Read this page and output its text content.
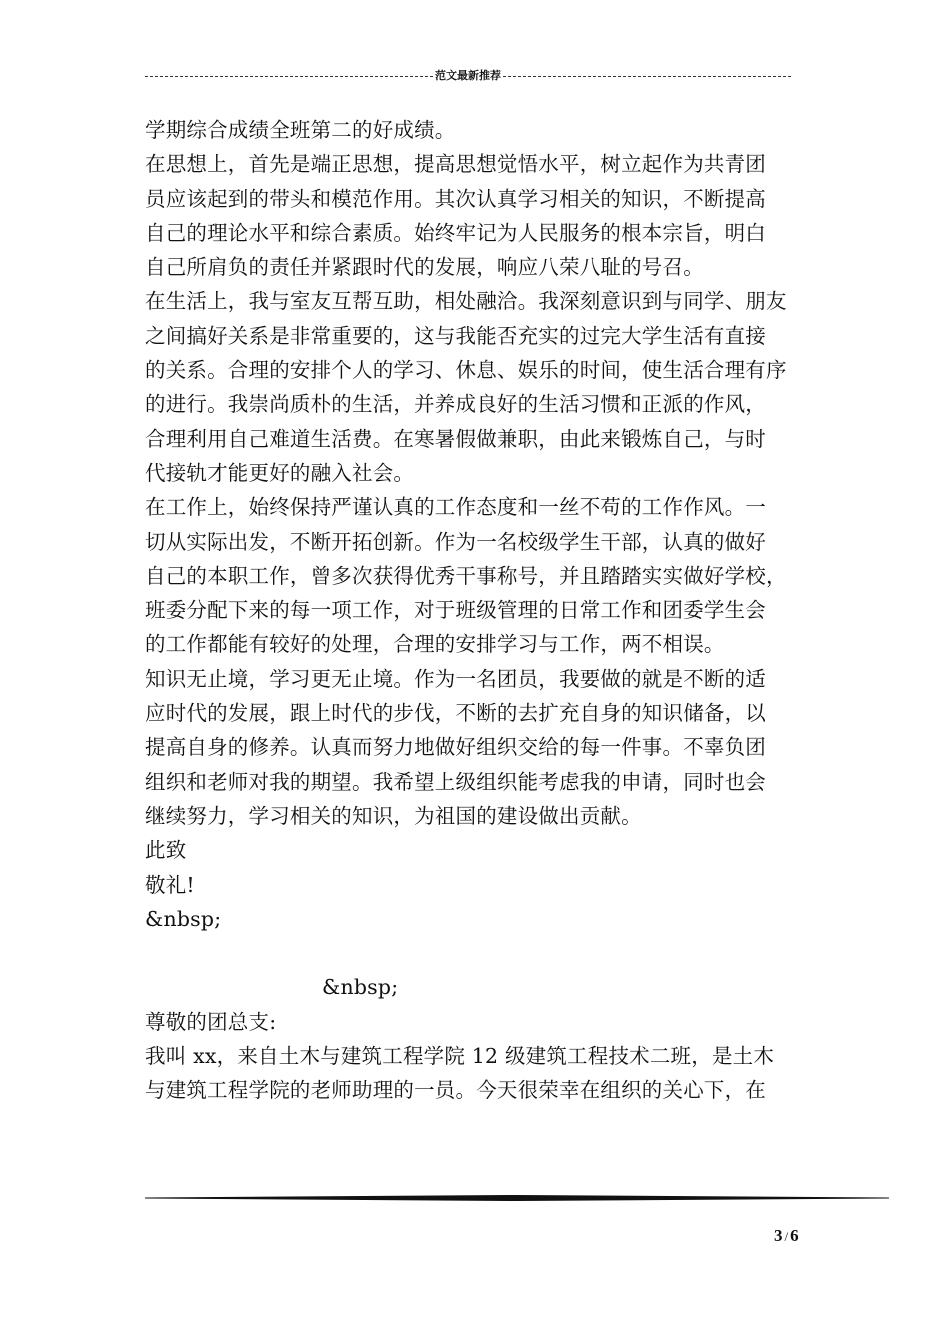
范文最新推荐
学期综合成绩全班第二的好成绩。
在思想上，首先是端正思想，提高思想觉悟水平，树立起作为共青团
员应该起到的带头和模范作用。其次认真学习相关的知识，不断提高
自己的理论水平和综合素质。始终牢记为人民服务的根本宗旨，明白
自己所肩负的责任并紧跟时代的发展，响应八荣八耻的号召。
在生活上，我与室友互帮互助，相处融洽。我深刻意识到与同学、朋友
之间搞好关系是非常重要的，这与我能否充实的过完大学生活有直接
的关系。合理的安排个人的学习、休息、娱乐的时间，使生活合理有序
的进行。我崇尚质朴的生活，并养成良好的生活习惯和正派的作风，
合理利用自己难道生活费。在寒暑假做兼职，由此来锻炼自己，与时
代接轨才能更好的融入社会。
在工作上，始终保持严谨认真的工作态度和一丝不苟的工作作风。一
切从实际出发，不断开拓创新。作为一名校级学生干部，认真的做好
自己的本职工作，曾多次获得优秀干事称号，并且踏踏实实做好学校，
班委分配下来的每一项工作，对于班级管理的日常工作和团委学生会
的工作都能有较好的处理，合理的安排学习与工作，两不相误。
知识无止境，学习更无止境。作为一名团员，我要做的就是不断的适
应时代的发展，跟上时代的步伐，不断的去扩充自身的知识储备，以
提高自身的修养。认真而努力地做好组织交给的每一件事。不辜负团
组织和老师对我的期望。我希望上级组织能考虑我的申请，同时也会
继续努力，学习相关的知识，为祖国的建设做出贡献。
此致
敬礼!
&nbsp;
&nbsp;
尊敬的团总支:
我叫 xx，来自土木与建筑工程学院 12 级建筑工程技术二班，是土木
与建筑工程学院的老师助理的一员。今天很荣幸在组织的关心下，在
3 / 6
